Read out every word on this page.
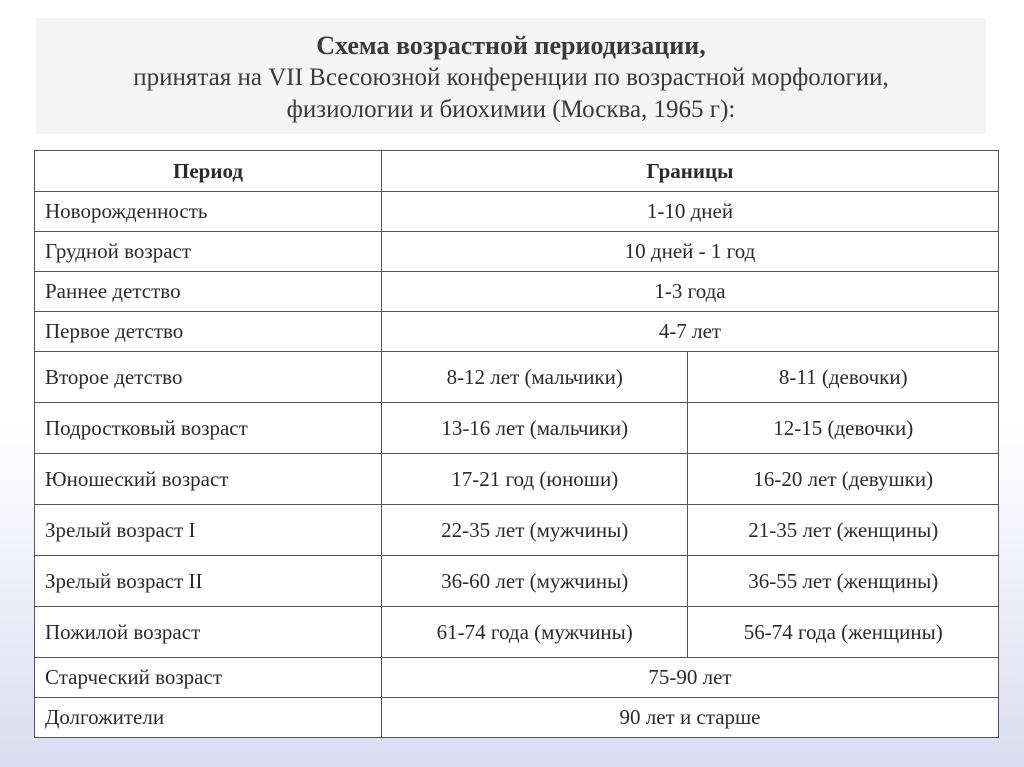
Схема возрастной периодизации,
принятая на VII Всесоюзной конференции по возрастной морфологии,
физиологии и биохимии (Москва, 1965 г):
Период	Границы	
Новорожденность	1-10 дней	
Грудной возраст	10 дней - 1 год	
Раннее детство	1-3 года	
Первое детство	4-7 лет	
Второе детство	8-12 лет (мальчики)	8-11 (девочки)
Подростковый возраст	13-16 лет (мальчики)	12-15 (девочки)
Юношеский возраст	17-21 год (юноши)	16-20 лет (девушки)
Зрелый возраст I	22-35 лет (мужчины)	21-35 лет (женщины)
Зрелый возраст II	36-60 лет (мужчины)	36-55 лет (женщины)
Пожилой возраст	61-74 года (мужчины)	56-74 года (женщины)
Старческий возраст	75-90 лет	
Долгожители	90 лет и старше	
